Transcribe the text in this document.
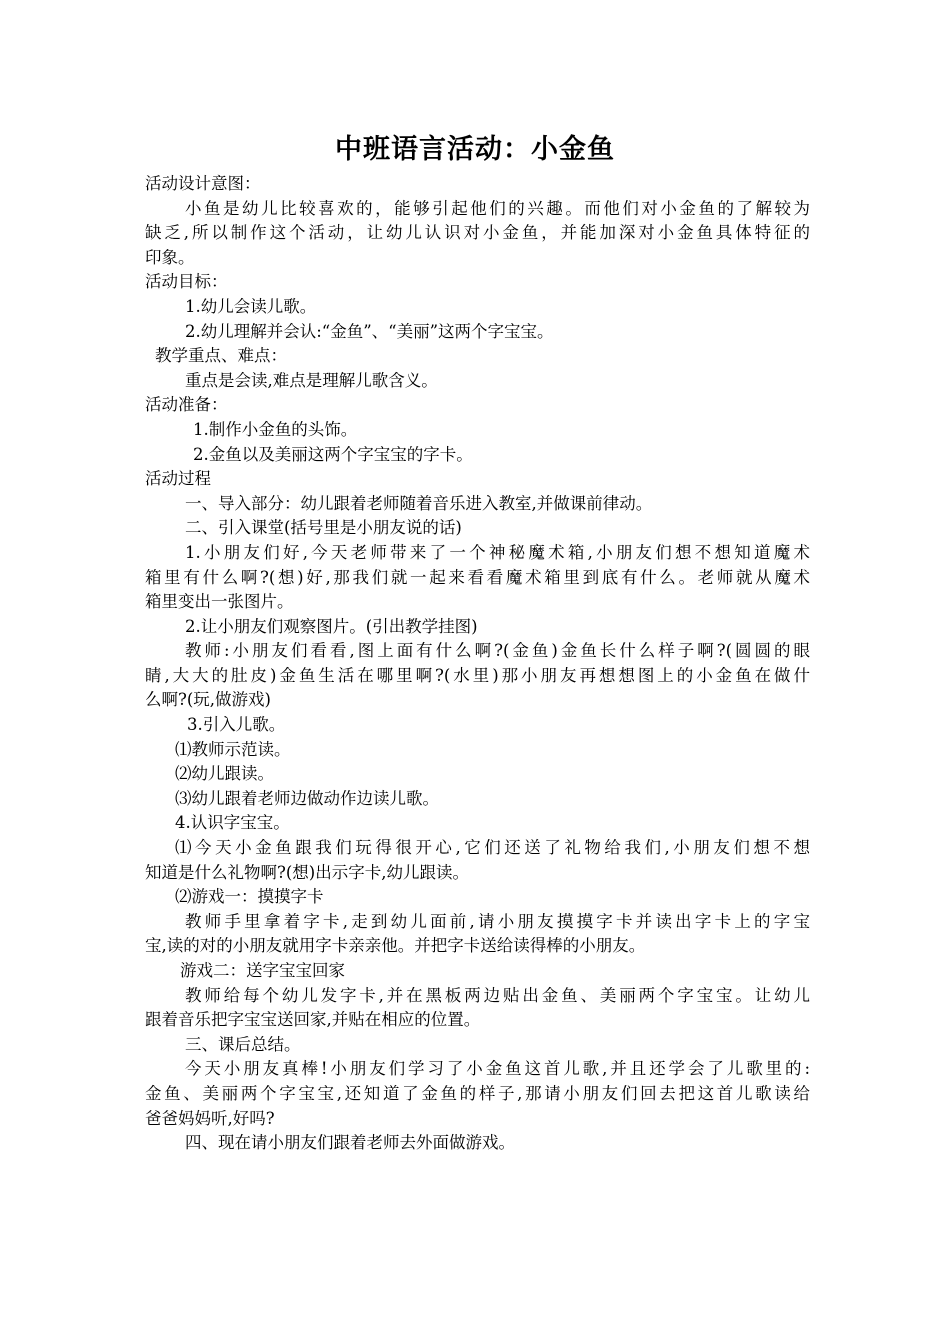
中班语言活动：小金鱼
活动设计意图：
小鱼是幼儿比较喜欢的，能够引起他们的兴趣。而他们对小金鱼的了解较为
缺乏,所以制作这个活动，让幼儿认识对小金鱼，并能加深对小金鱼具体特征的
印象。
活动目标：
1.幼儿会读儿歌。
2.幼儿理解并会认:“金鱼”、“美丽”这两个字宝宝。
教学重点、难点：
重点是会读,难点是理解儿歌含义。
活动准备：
1.制作小金鱼的头饰。
2.金鱼以及美丽这两个字宝宝的字卡。
活动过程
一、导入部分：幼儿跟着老师随着音乐进入教室,并做课前律动。
二、引入课堂(括号里是小朋友说的话)
1.小朋友们好,今天老师带来了一个神秘魔术箱,小朋友们想不想知道魔术
箱里有什么啊?(想)好,那我们就一起来看看魔术箱里到底有什么。老师就从魔术
箱里变出一张图片。
2.让小朋友们观察图片。(引出教学挂图)
教师:小朋友们看看,图上面有什么啊?(金鱼)金鱼长什么样子啊?(圆圆的眼
睛,大大的肚皮)金鱼生活在哪里啊?(水里)那小朋友再想想图上的小金鱼在做什
么啊?(玩,做游戏)
3.引入儿歌。
⑴教师示范读。
⑵幼儿跟读。
⑶幼儿跟着老师边做动作边读儿歌。
4.认识字宝宝。
⑴今天小金鱼跟我们玩得很开心,它们还送了礼物给我们,小朋友们想不想
知道是什么礼物啊?(想)出示字卡,幼儿跟读。
⑵游戏一：摸摸字卡
教师手里拿着字卡,走到幼儿面前,请小朋友摸摸字卡并读出字卡上的字宝
宝,读的对的小朋友就用字卡亲亲他。并把字卡送给读得棒的小朋友。
游戏二：送字宝宝回家
教师给每个幼儿发字卡,并在黑板两边贴出金鱼、美丽两个字宝宝。让幼儿
跟着音乐把字宝宝送回家,并贴在相应的位置。
三、课后总结。
今天小朋友真棒!小朋友们学习了小金鱼这首儿歌,并且还学会了儿歌里的:
金鱼、美丽两个字宝宝,还知道了金鱼的样子,那请小朋友们回去把这首儿歌读给
爸爸妈妈听,好吗?
四、现在请小朋友们跟着老师去外面做游戏。
